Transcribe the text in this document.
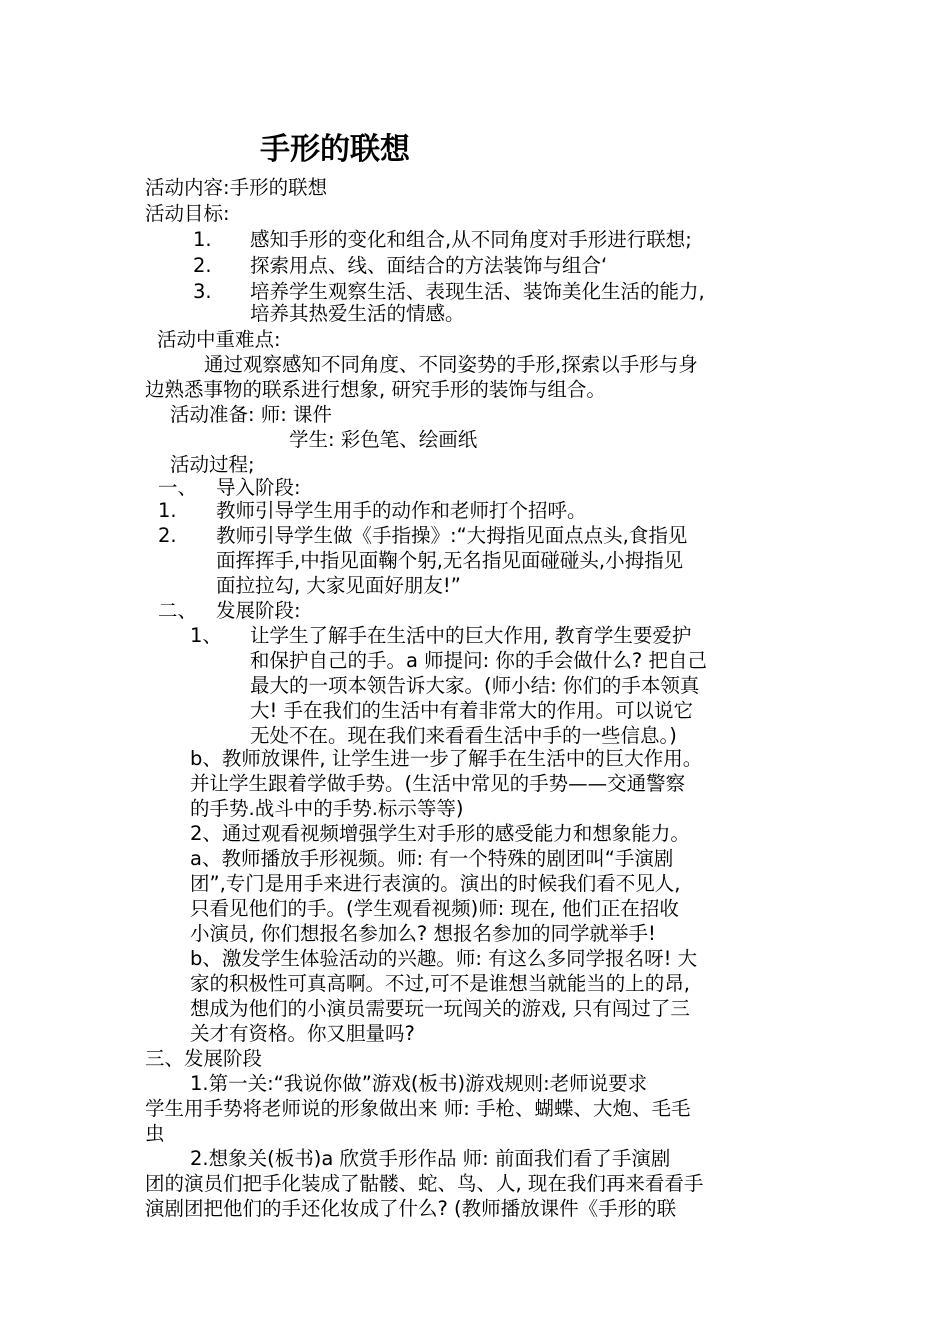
手形的联想
活动内容:手形的联想
活动目标:
1. 感知手形的变化和组合,从不同角度对手形进行联想;
2. 探索用点、线、面结合的方法装饰与组合‘
3. 培养学生观察生活、表现生活、装饰美化生活的能力,
培养其热爱生活的情感。
活动中重难点:
通过观察感知不同角度、不同姿势的手形,探索以手形与身
边熟悉事物的联系进行想象, 研究手形的装饰与组合。
活动准备: 师: 课件
学生: 彩色笔、绘画纸
活动过程;
一、 导入阶段:
1. 教师引导学生用手的动作和老师打个招呼。
2. 教师引导学生做《手指操》:“大拇指见面点点头,食指见
面挥挥手,中指见面鞠个躬,无名指见面碰碰头,小拇指见
面拉拉勾, 大家见面好朋友!”
二、 发展阶段:
1、 让学生了解手在生活中的巨大作用, 教育学生要爱护
和保护自己的手。a 师提问: 你的手会做什么? 把自己
最大的一项本领告诉大家。(师小结: 你们的手本领真
大! 手在我们的生活中有着非常大的作用。可以说它
无处不在。现在我们来看看生活中手的一些信息。)
b、教师放课件, 让学生进一步了解手在生活中的巨大作用。
并让学生跟着学做手势。(生活中常见的手势——交通警察
的手势.战斗中的手势.标示等等)
2、通过观看视频增强学生对手形的感受能力和想象能力。
a、教师播放手形视频。师: 有一个特殊的剧团叫“手演剧
团”,专门是用手来进行表演的。演出的时候我们看不见人,
只看见他们的手。(学生观看视频)师: 现在, 他们正在招收
小演员, 你们想报名参加么? 想报名参加的同学就举手!
b、激发学生体验活动的兴趣。师: 有这么多同学报名呀! 大
家的积极性可真高啊。不过,可不是谁想当就能当的上的昂,
想成为他们的小演员需要玩一玩闯关的游戏, 只有闯过了三
关才有资格。你又胆量吗?
三、发展阶段
1.第一关:“我说你做”游戏(板书)游戏规则:老师说要求
学生用手势将老师说的形象做出来 师: 手枪、蝴蝶、大炮、毛毛
虫
2.想象关(板书)a 欣赏手形作品 师: 前面我们看了手演剧
团的演员们把手化装成了骷髅、蛇、鸟、人, 现在我们再来看看手
演剧团把他们的手还化妆成了什么? (教师播放课件《手形的联
